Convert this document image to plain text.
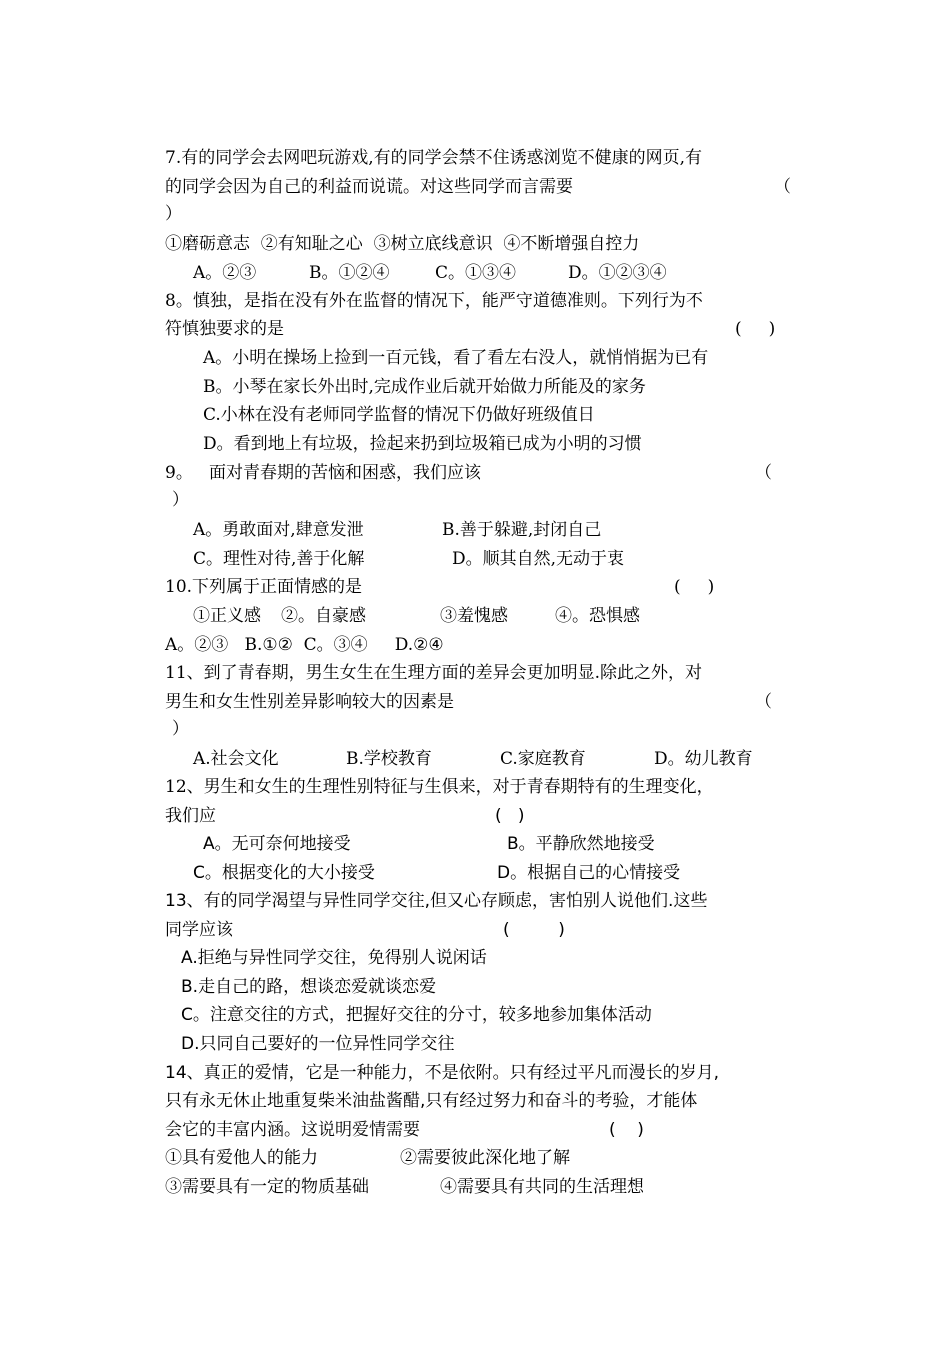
7.有的同学会去网吧玩游戏,有的同学会禁不住诱惑浏览不健康的网页,有
的同学会因为自己的利益而说谎。对这些同学而言需要	（
）
①磨砺意志  ②有知耻之心  ③树立底线意识  ④不断增强自控力
A。②③	B。①②④	C。①③④	D。①②③④
8。慎独，是指在没有外在监督的情况下，能严守道德准则。下列行为不
符慎独要求的是	(     )
A。小明在操场上捡到一百元钱，看了看左右没人，就悄悄据为已有
B。小琴在家长外出时,完成作业后就开始做力所能及的家务
C.小林在没有老师同学监督的情况下仍做好班级值日
D。看到地上有垃圾，捡起来扔到垃圾箱已成为小明的习惯
9。   面对青春期的苦恼和困惑，我们应该	（
）
A。勇敢面对,肆意发泄	B.善于躲避,封闭自己
C。理性对待,善于化解	D。顺其自然,无动于衷
10.下列属于正面情感的是	(     )
①正义感 ②。自豪感	③羞愧感	④。恐惧感
A。②③   B.①②  C。③④     D.②④
11、到了青春期，男生女生在生理方面的差异会更加明显.除此之外，对
男生和女生性别差异影响较大的因素是	（
）
A.社会文化	B.学校教育	C.家庭教育	D。幼儿教育
12、男生和女生的生理性别特征与生俱来，对于青春期特有的生理变化，
我们应	(   )
A。无可奈何地接受	B。平静欣然地接受
C。根据变化的大小接受	D。根据自己的心情接受
13、有的同学渴望与异性同学交往,但又心存顾虑，害怕别人说他们.这些
同学应该	(         )
A.拒绝与异性同学交往，免得别人说闲话
B.走自己的路，想谈恋爱就谈恋爱
C。注意交往的方式，把握好交往的分寸，较多地参加集体活动
D.只同自己要好的一位异性同学交往
14、真正的爱情，它是一种能力，不是依附。只有经过平凡而漫长的岁月,
只有永无休止地重复柴米油盐酱醋,只有经过努力和奋斗的考验，才能体
会它的丰富内涵。这说明爱情需要	(    )
①具有爱他人的能力	②需要彼此深化地了解
③需要具有一定的物质基础	④需要具有共同的生活理想
